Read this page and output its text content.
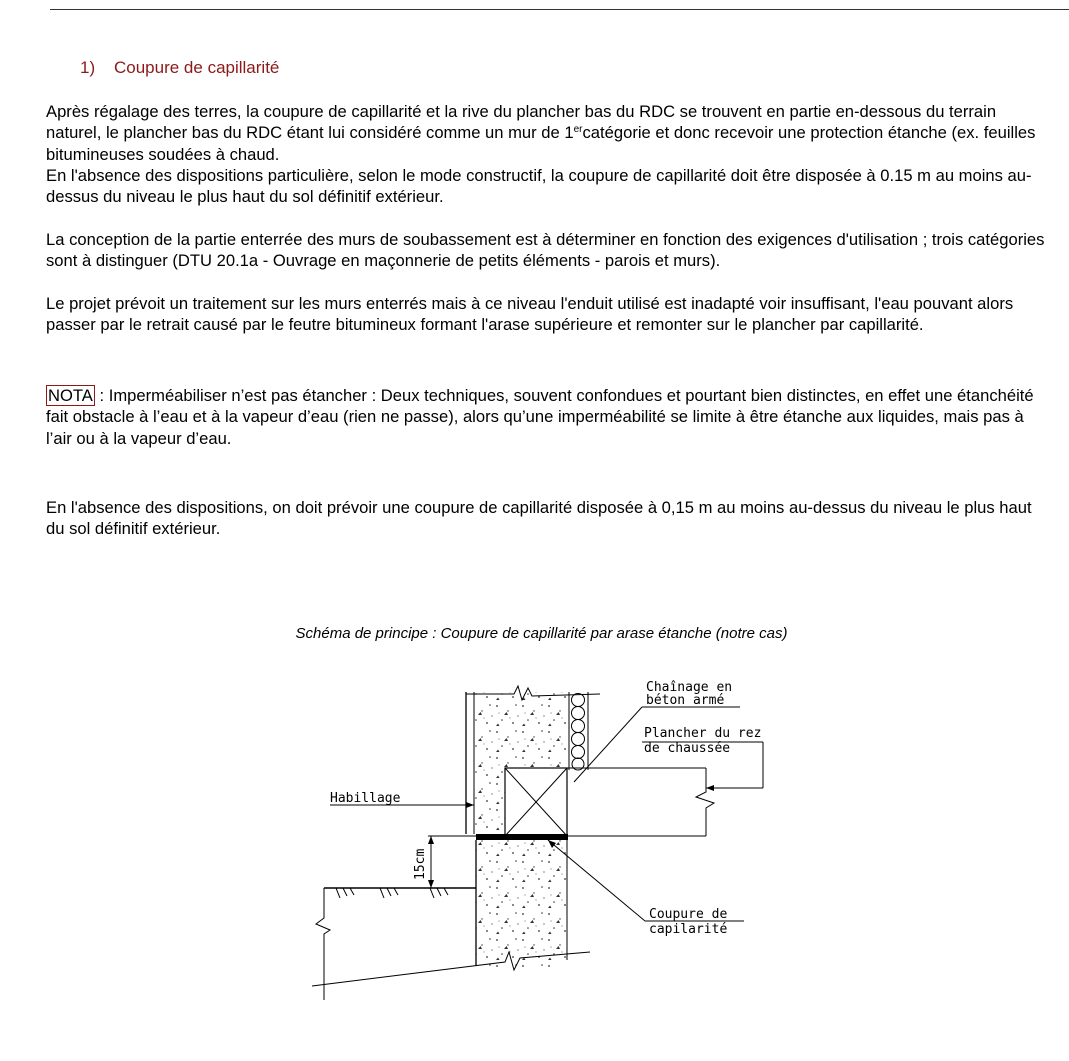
1) Coupure de capillarité

Après régalage des terres, la coupure de capillarité et la rive du plancher bas du RDC se trouvent en partie en-dessous du terrain naturel, le plancher bas du RDC étant lui considéré comme un mur de 1ercatégorie et donc recevoir une protection étanche (ex. feuilles bitumineuses soudées à chaud.
En l'absence des dispositions particulière, selon le mode constructif, la coupure de capillarité doit être disposée à 0.15 m au moins au-dessus du niveau le plus haut du sol définitif extérieur.

La conception de la partie enterrée des murs de soubassement est à déterminer en fonction des exigences d'utilisation ; trois catégories sont à distinguer (DTU 20.1a - Ouvrage en maçonnerie de petits éléments - parois et murs).

Le projet prévoit un traitement sur les murs enterrés mais à ce niveau l'enduit utilisé est inadapté voir insuffisant, l'eau pouvant alors passer par le retrait causé par le feutre bitumineux formant l'arase supérieure et remonter sur le plancher par capillarité.

NOTA : Imperméabiliser n’est pas étancher : Deux techniques, souvent confondues et pourtant bien distinctes, en effet une étanchéité fait obstacle à l’eau et à la vapeur d’eau (rien ne passe), alors qu’une imperméabilité se limite à être étanche aux liquides, mais pas à l’air ou à la vapeur d’eau.

En l'absence des dispositions, on doit prévoir une coupure de capillarité disposée à 0,15 m au moins au-dessus du niveau le plus haut du sol définitif extérieur.

Schéma de principe : Coupure de capillarité par arase étanche (notre cas)
15cm
Habillage
Chaînage en
béton armé
Plancher du rez
de chaussée
Coupure de
capilarité
